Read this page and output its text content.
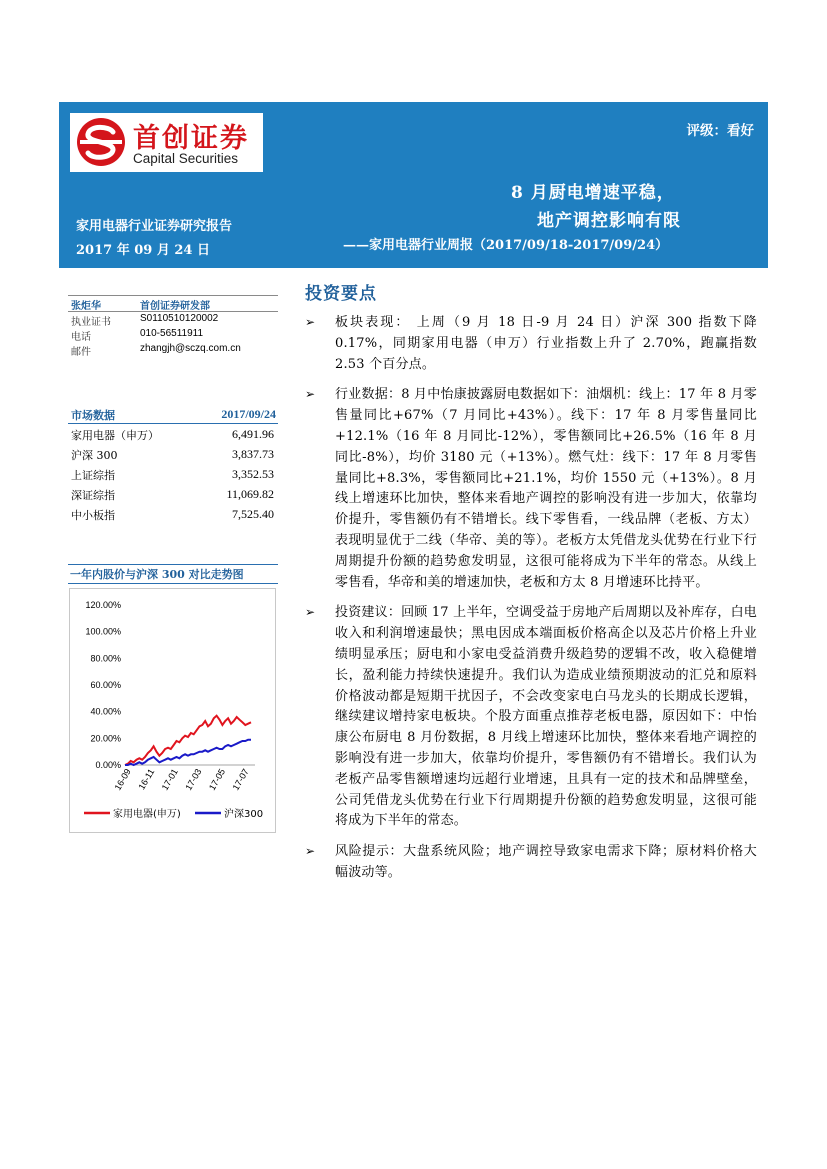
首创证券
Capital Securities
评级：看好
8 月厨电增速平稳，
地产调控影响有限
——家用电器行业周报（2017/09/18-2017/09/24）
家用电器行业证券研究报告
2017 年 09 月 24 日
张炬华	首创证券研发部
执业证书	S0110510120002
电话	010-56511911
邮件	zhangjh@sczq.com.cn
市场数据	2017/09/24
家用电器（申万）	6,491.96
沪深 300	3,837.73
上证综指	3,352.53
深证综指	11,069.82
中小板指	7,525.40
一年内股价与沪深 300 对比走势图
0.00%
20.00%
40.00%
60.00%
80.00%
100.00%
120.00%
16-09 16-11 17-01 17-03 17-05 17-07
家用电器(申万)	沪深300
投资要点
➢ 板块表现： 上周（9 月 18 日-9 月 24 日）沪深 300 指数下降 0.17%，同期家用电器（申万）行业指数上升了 2.70%，跑赢指数 2.53 个百分点。
➢ 行业数据：8 月中怡康披露厨电数据如下：油烟机：线上：17 年 8 月零售量同比+67%（7 月同比+43%）。线下：17 年 8 月零售量同比+12.1%（16 年 8 月同比-12%），零售额同比+26.5%（16 年 8 月同比-8%），均价 3180 元（+13%）。燃气灶：线下：17 年 8 月零售量同比+8.3%，零售额同比+21.1%，均价 1550 元（+13%）。8 月线上增速环比加快，整体来看地产调控的影响没有进一步加大，依靠均价提升，零售额仍有不错增长。线下零售看，一线品牌（老板、方太）表现明显优于二线（华帝、美的等）。老板方太凭借龙头优势在行业下行周期提升份额的趋势愈发明显，这很可能将成为下半年的常态。从线上零售看，华帝和美的增速加快，老板和方太 8 月增速环比持平。
➢ 投资建议：回顾 17 上半年，空调受益于房地产后周期以及补库存，白电收入和利润增速最快；黑电因成本端面板价格高企以及芯片价格上升业绩明显承压；厨电和小家电受益消费升级趋势的逻辑不改，收入稳健增长，盈利能力持续快速提升。我们认为造成业绩预期波动的汇兑和原料价格波动都是短期干扰因子，不会改变家电白马龙头的长期成长逻辑，继续建议增持家电板块。个股方面重点推荐老板电器，原因如下：中怡康公布厨电 8 月份数据，8 月线上增速环比加快，整体来看地产调控的影响没有进一步加大，依靠均价提升，零售额仍有不错增长。我们认为老板产品零售额增速均远超行业增速，且具有一定的技术和品牌壁垒，公司凭借龙头优势在行业下行周期提升份额的趋势愈发明显，这很可能将成为下半年的常态。
➢ 风险提示：大盘系统风险；地产调控导致家电需求下降；原材料价格大幅波动等。
